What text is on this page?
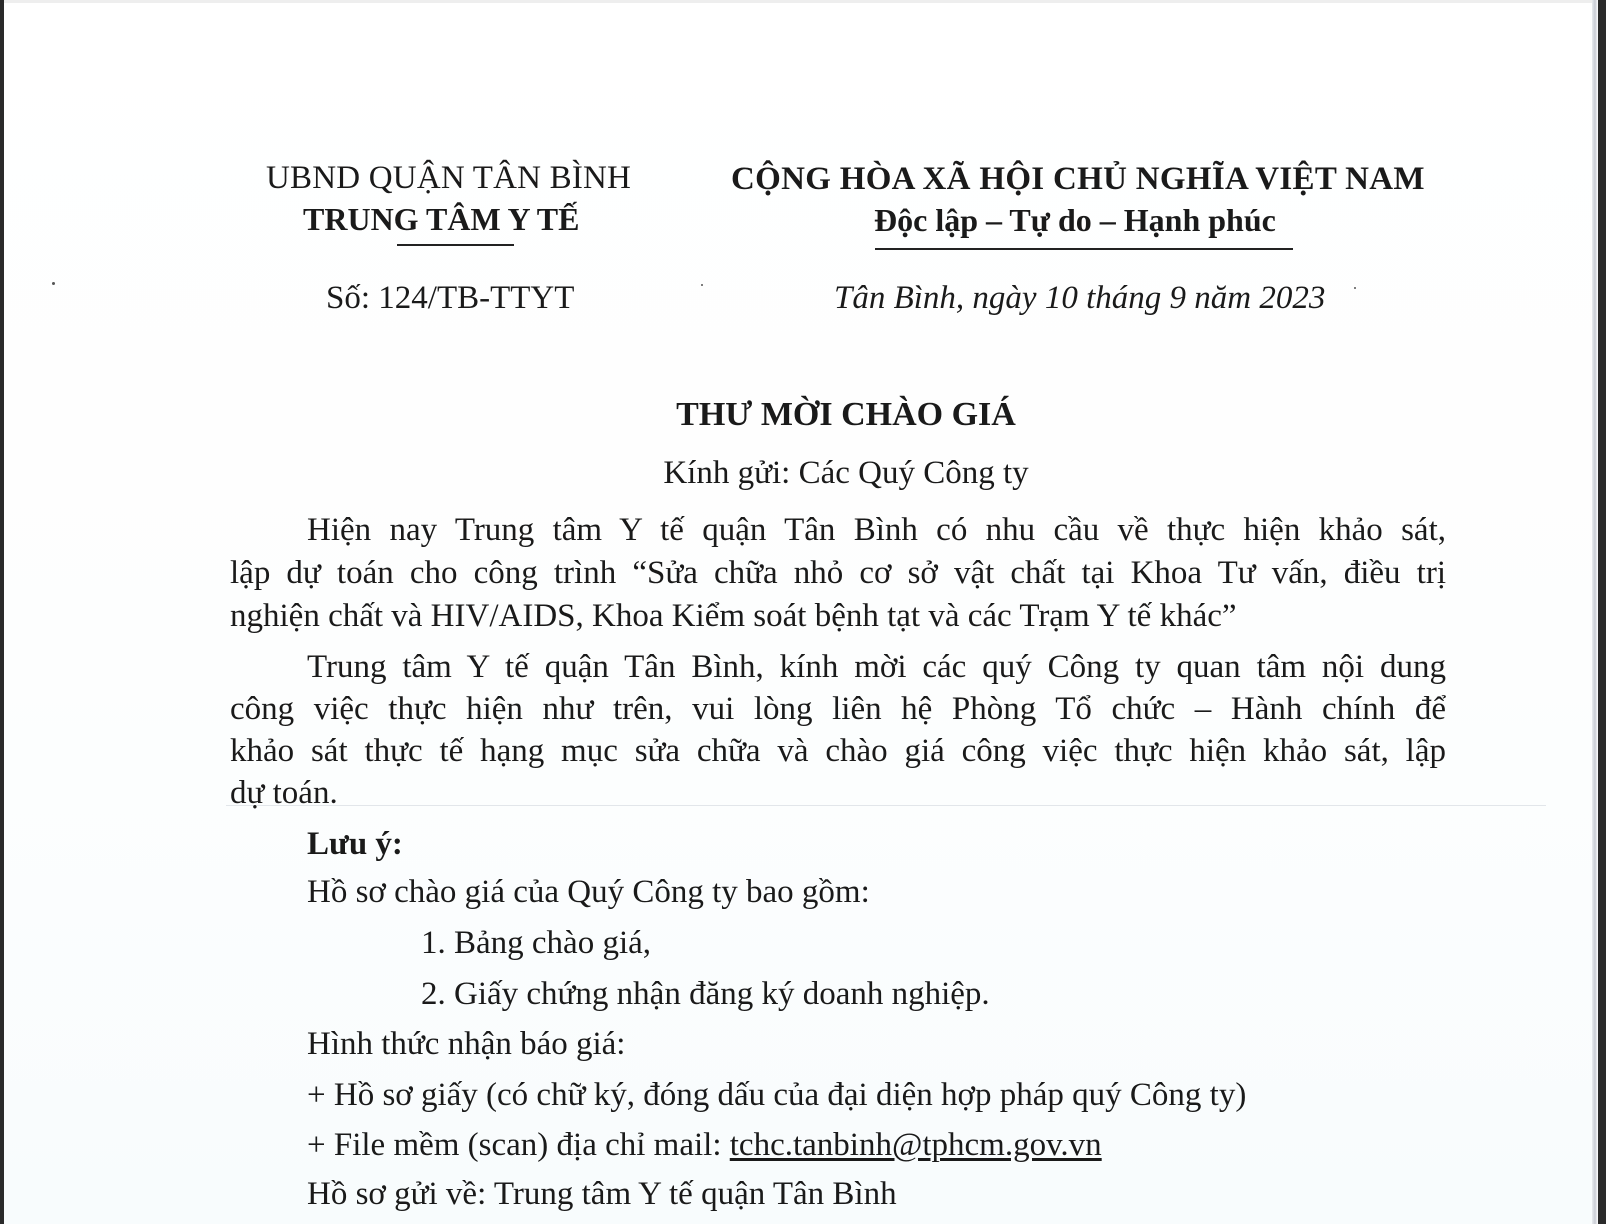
UBND QUẬN TÂN BÌNH
TRUNG TÂM Y TẾ
Số: 124/TB-TTYT
CỘNG HÒA XÃ HỘI CHỦ NGHĨA VIỆT NAM
Độc lập – Tự do – Hạnh phúc
Tân Bình, ngày 10 tháng 9 năm 2023
THƯ MỜI CHÀO GIÁ
Kính gửi: Các Quý Công ty
Hiện nay Trung tâm Y tế quận Tân Bình có nhu cầu về thực hiện khảo sát,
lập dự toán cho công trình “Sửa chữa nhỏ cơ sở vật chất tại Khoa Tư vấn, điều trị
nghiện chất và HIV/AIDS, Khoa Kiểm soát bệnh tạt và các Trạm Y tế khác”
Trung tâm Y tế quận Tân Bình, kính mời các quý Công ty quan tâm nội dung
công việc thực hiện như trên, vui lòng liên hệ Phòng Tổ chức – Hành chính để
khảo sát thực tế hạng mục sửa chữa và chào giá công việc thực hiện khảo sát, lập
dự toán.
Lưu ý:
Hồ sơ chào giá của Quý Công ty bao gồm:
1. Bảng chào giá,
2. Giấy chứng nhận đăng ký doanh nghiệp.
Hình thức nhận báo giá:
+ Hồ sơ giấy (có chữ ký, đóng dấu của đại diện hợp pháp quý Công ty)
+ File mềm (scan) địa chỉ mail: tchc.tanbinh@tphcm.gov.vn
Hồ sơ gửi về: Trung tâm Y tế quận Tân Bình
